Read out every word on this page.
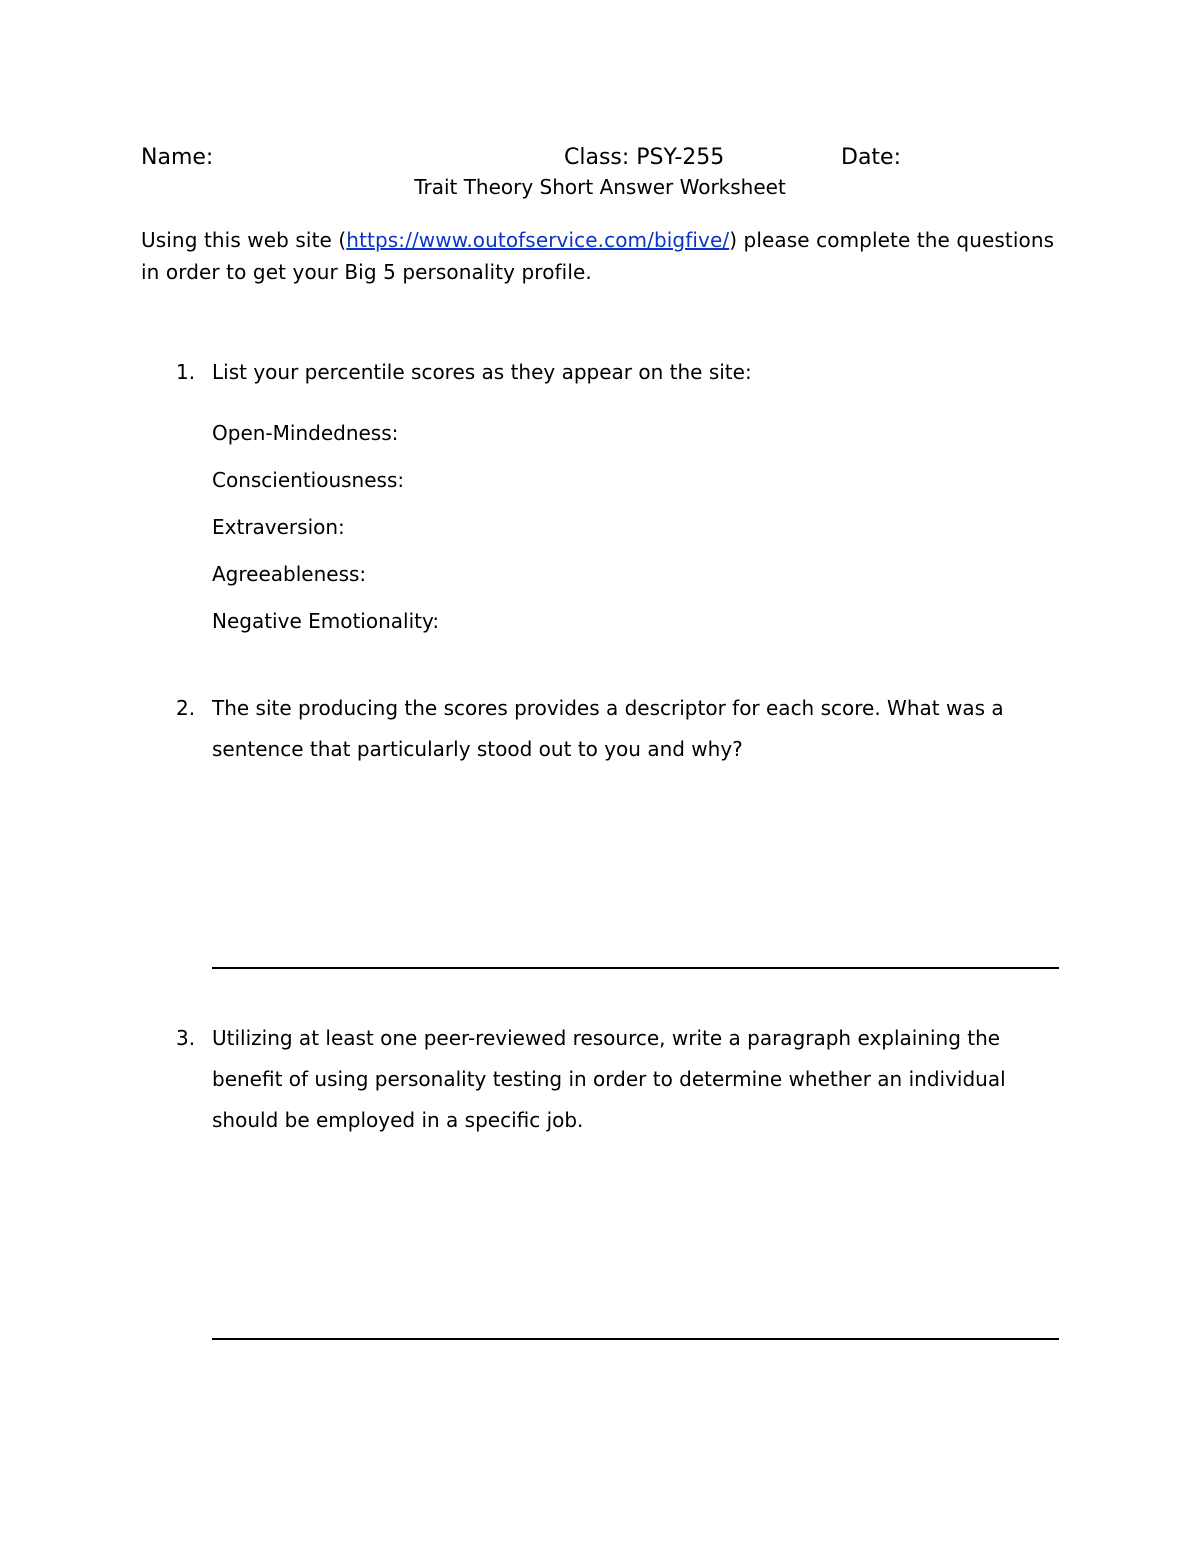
Name:	Class: PSY-255	Date:
Trait Theory Short Answer Worksheet
Using this web site (https://www.outofservice.com/bigfive/) please complete the questions in order to get your Big 5 personality profile.
1. List your percentile scores as they appear on the site:
Open-Mindedness:
Conscientiousness:
Extraversion:
Agreeableness:
Negative Emotionality:
2. The site producing the scores provides a descriptor for each score. What was a sentence that particularly stood out to you and why?
3. Utilizing at least one peer-reviewed resource, write a paragraph explaining the benefit of using personality testing in order to determine whether an individual should be employed in a specific job.
